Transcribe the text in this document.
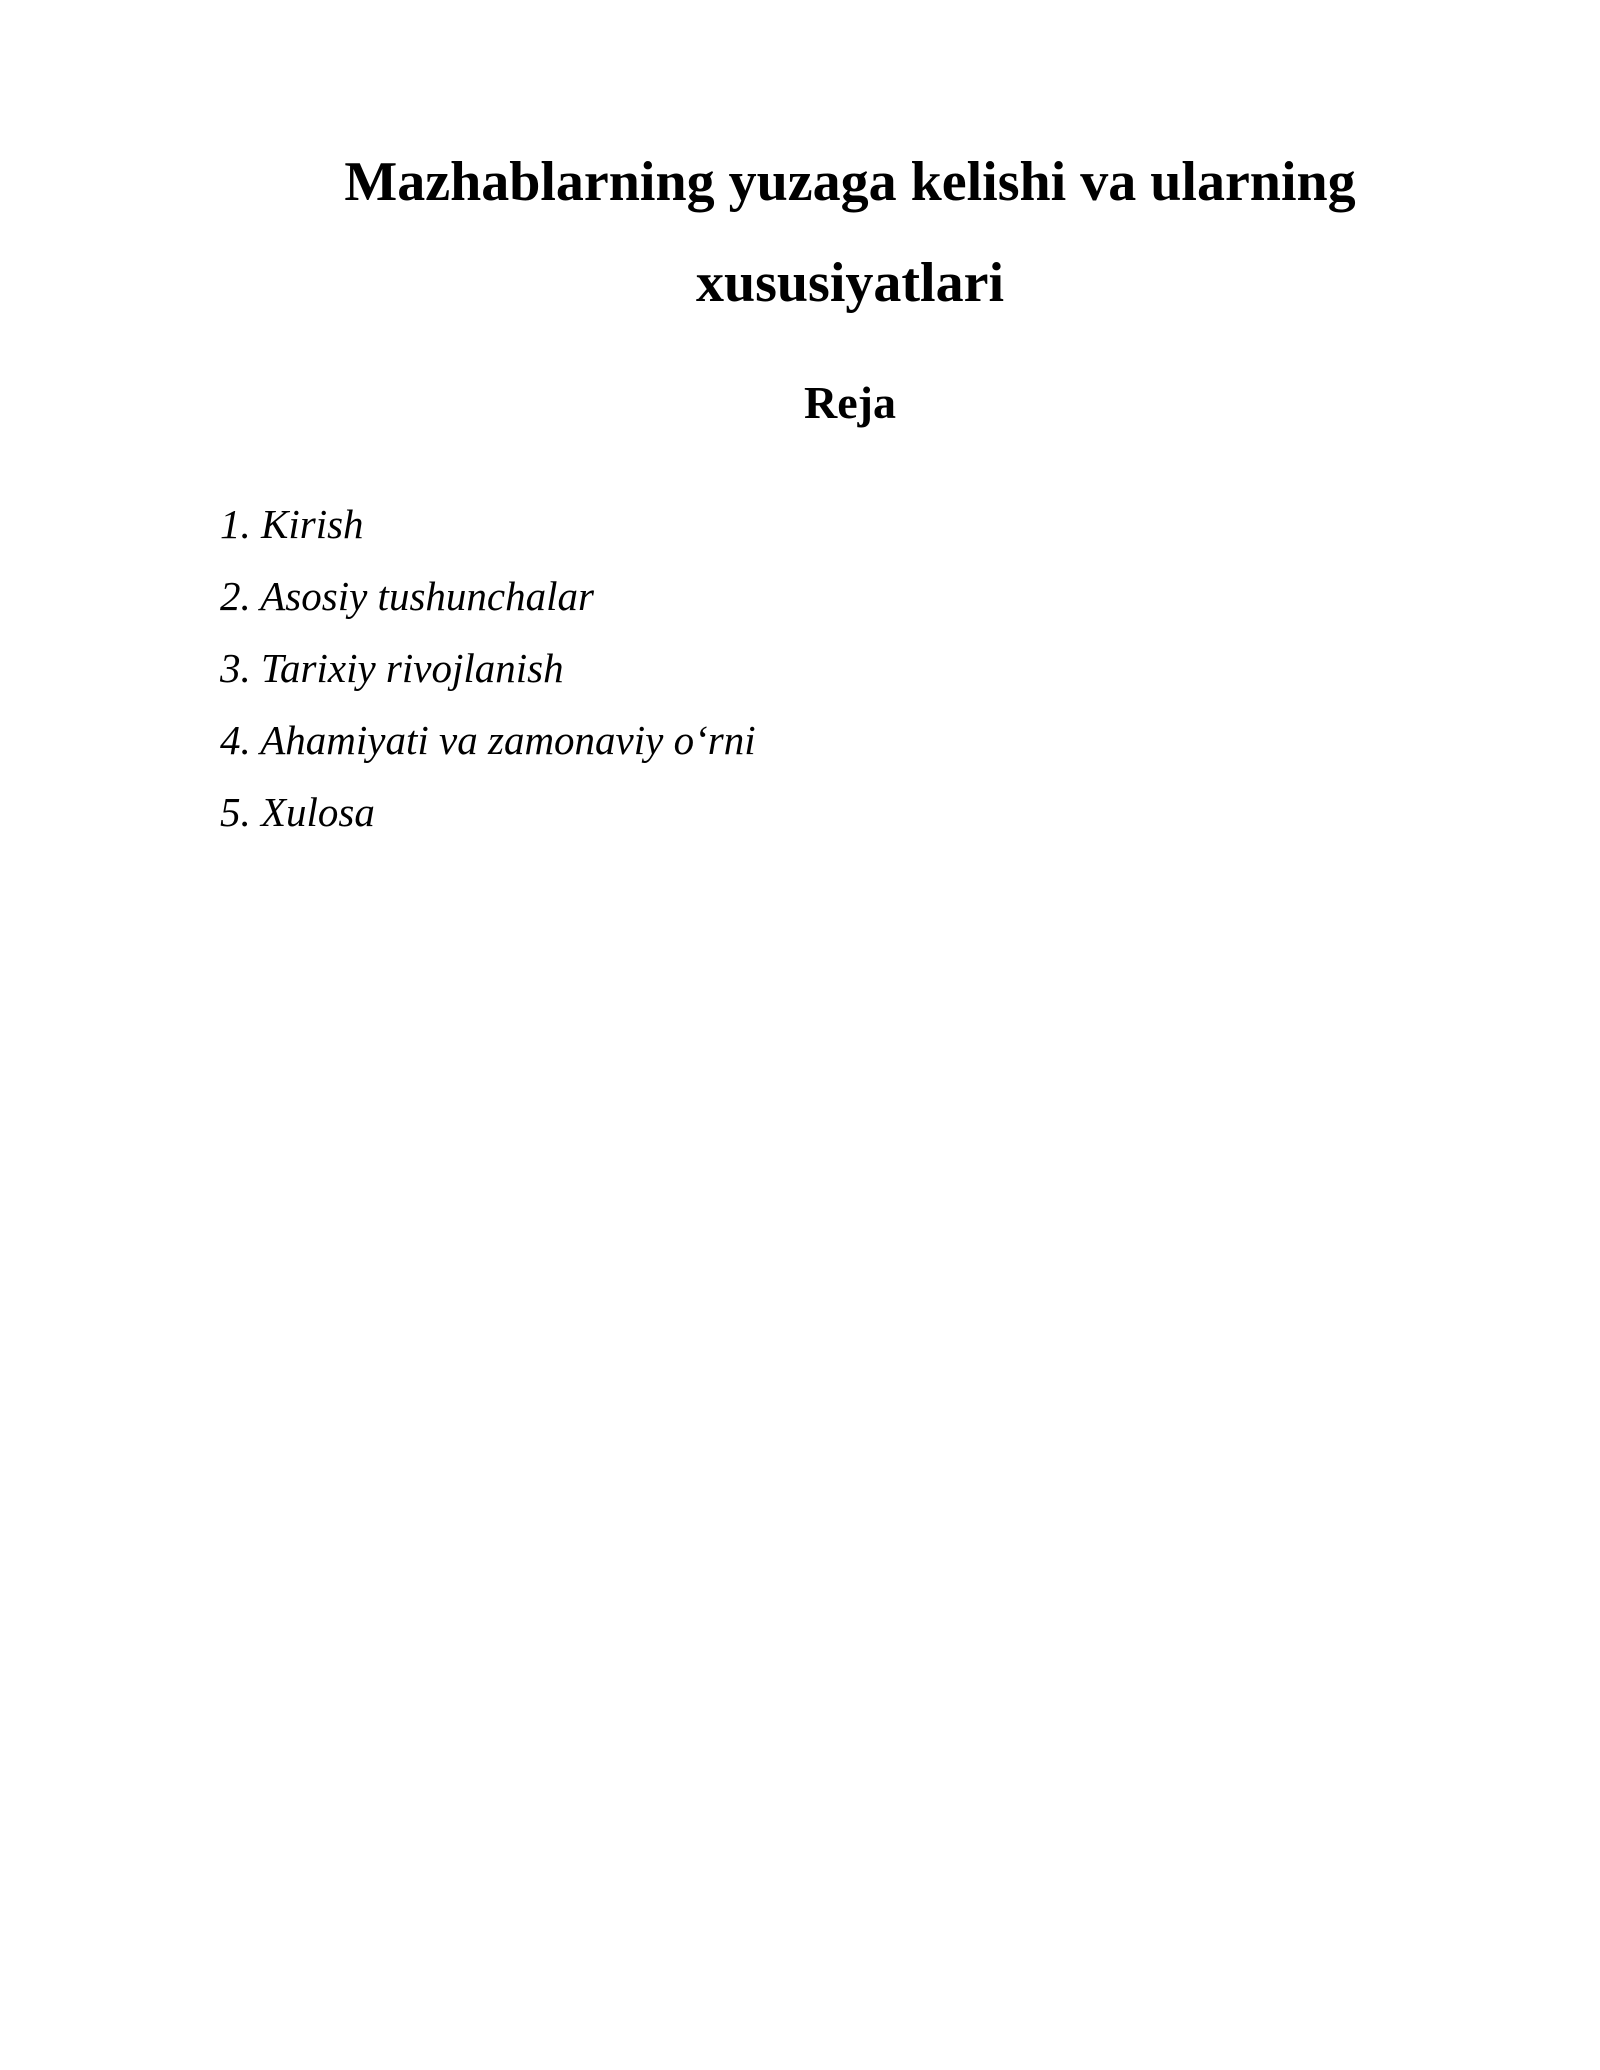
Mazhablarning yuzaga kelishi va ularning
xususiyatlari
Reja
1. Kirish
2. Asosiy tushunchalar
3. Tarixiy rivojlanish
4. Ahamiyati va zamonaviy o‘rni
5. Xulosa
